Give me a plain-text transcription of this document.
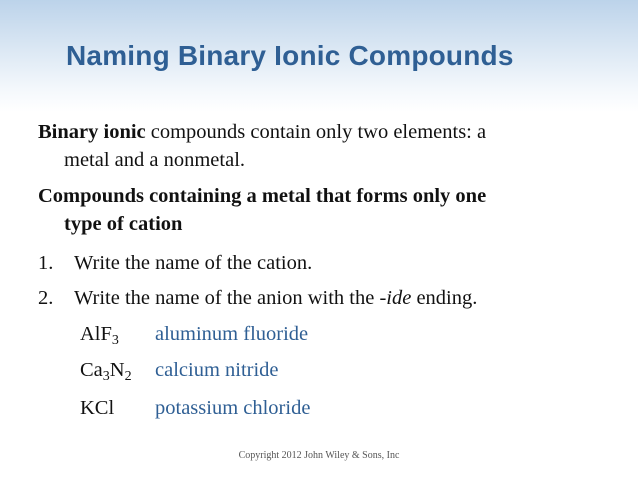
Naming Binary Ionic Compounds
Binary ionic compounds contain only two elements: a
metal and a nonmetal.
Compounds containing a metal that forms only one
type of cation
1. Write the name of the cation.
2. Write the name of the anion with the -ide ending.
AlF$_3$ aluminum fluoride
$Ca_3N_2$ calcium nitride
KCl potassium chloride
Copyright 2012 John Wiley & Sons, Inc
